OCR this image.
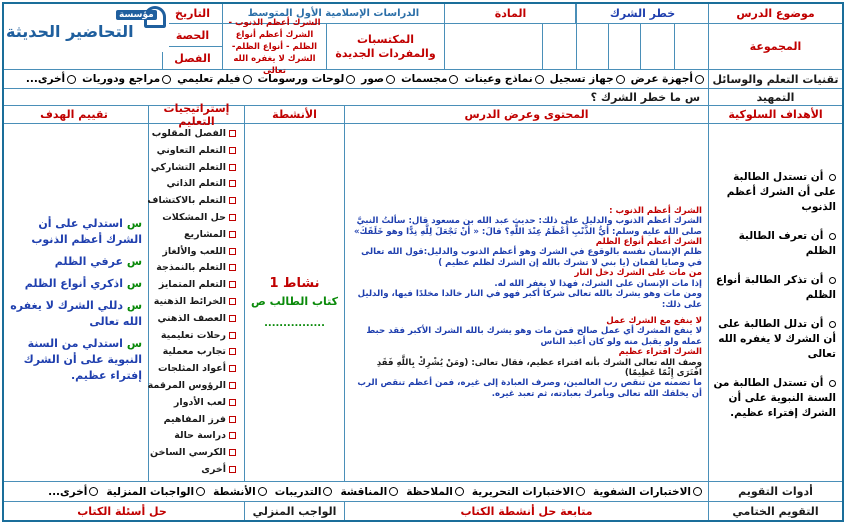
مؤسسة
التحاضير الحديثة
موضوع الدرس
خطر الشرك
المادة
الدراسات الإسلامية الأول المتوسط
التاريخ
المجموعة
المكتسبات والمفردات الجديدة
الشرك أعظم الذنوب - الشرك أعظم أنواع الظلم - أنواع الظلم- الشرك لا يغفره الله تعالى
الحصة
الفصل
تقنيات التعلم والوسائل
أجهزة عرض
جهاز تسجيل
نماذج وعينات
مجسمات
صور
لوحات ورسومات
فيلم تعليمي
مراجع ودوريات
أخرى...
التمهيد
س ما خطر الشرك ؟
الأهداف السلوكية
المحتوى وعرض الدرس
الأنشطة
إستراتيجيات التعليم
تقييم الهدف
أن تستدل الطالبة على أن الشرك أعظم الذنوب
أن تعرف الطالبة الظلم
أن تذكر الطالبة أنواع الظلم
أن تدلل الطالبة على أن الشرك لا يغفره الله تعالى
أن تستدل الطالبة من السنة النبوية على أن الشرك إفتراء عظيم.

الشرك أعظم الذنوب :

الشرك أعظم الذنوب والدليل على ذلك: حديث عبد الله بن مسعود قال: سألتُ النبيَّ صلى الله عليه وسلم: أيُّ الذَّنْبِ أَعْظَمُ عِنْدَ اللَّهِ؟ قالَ: « أَنْ تَجْعَلَ لِلَّهِ نِدًّا وهو خَلَقَكَ»

الشرك أعظم أنواع الظلم

ظلم الإنسان نفسه بالوقوع في الشرك وهو أعظم الذنوب والدليل:قول الله تعالى في وصايا لقمان (يا بني لا تشرك بالله إن الشرك لظلم عظيم )

من مات على الشرك دخل النار

إذا مات الإنسان على الشرك، فهذا لا يغفر الله له.

ومن مات وهو يشرك بالله تعالى شركا أكبر فهو في النار خالدا مخلدًا فيها، والدليل على ذلك:

لا ينفع مع الشرك عمل

لا ينفع المشرك أي عمل صالح فمن مات وهو يشرك بالله الشرك الأكبر فقد حبط عمله ولو يقبل منه ولو كان أعبد الناس

الشرك افتراء عظيم

وصف الله تعالى الشرك بأنه افتراء عظيم، فقال تعالى: (ومَنْ يُشْرِكْ بِاللَّهِ فَقَدِ افْتَرَى إِثْمًا عَظِيمًا)

ما تضمنه من تنقص رب العالمين، وصرف العبادة إلى غيره، فمن أعظم تنقص الرب أن يخلقك الله تعالى ويأمرك بعبادته، ثم تعبد غيره.

نشاط 1
كتاب الطالب ص
................
الفصل المقلوب
التعلم التعاوني
التعلم التشاركي
التعلم الذاتي
التعلم بالاكتشاف
حل المشكلات
المشاريع
اللعب والألغاز
التعلم بالنمذجة
التعلم المتمايز
الخرائط الذهنية
العصف الذهني
رحلات تعليمية
تجارب معملية
أعواد المثلجات
الرؤوس المرقمة
لعب الأدوار
فرز المفاهيم
دراسة حالة
الكرسي الساخن
أخرى
س استدلي على أن الشرك أعظم الذنوب
س عرفي الظلم
س اذكري أنواع الظلم
س دللي الشرك لا يغفره الله تعالى
س استدلي من السنة النبوية على أن الشرك إفتراء عظيم.
أدوات التقويم
الاختبارات الشفوية
الاختبارات التحريرية
الملاحظة
المناقشة
التدريبات
الأنشطة
الواجبات المنزلية
أخرى...
التقويم الختامي
متابعة حل أنشطة الكتاب
الواجب المنزلي
حل أسئلة الكتاب
